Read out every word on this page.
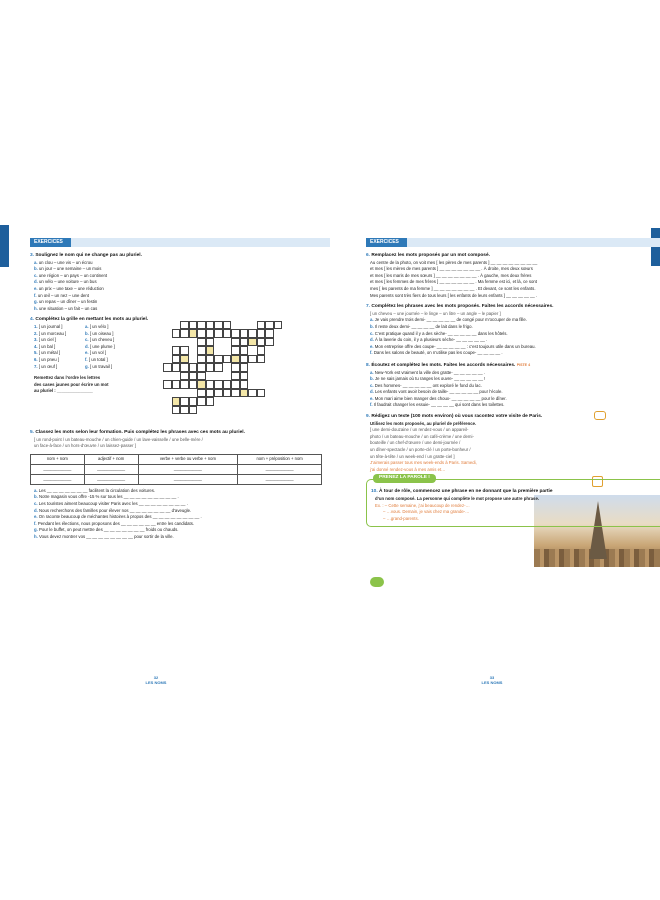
EXERCICES
3. Soulignez le nom qui ne change pas au pluriel.
a. un clou – une vis – un écrou
b. un jour – une semaine – un mois
c. une région – un pays – un continent
d. un vélo – une voiture – un bus
e. un prix – une taxe – une réduction
f. un œil – un nez – une dent
g. un repas – un dîner – un festin
h. une situation – un fait – un cas
4. Complétez la grille en mettant les mots au pluriel.
1. [ un journal ]
2. [ un morceau ]
3. [ un ciel ]
4. [ un bal ]
5. [ un métal ]
6. [ un pneu ]
7. [ un œuf ]
a. [ un vélo ]
b. [ un oiseau ]
c. [ un cheveu ]
d. [ une plume ]
e. [ un vol ]
f. [ un total ]
g. [ un travail ]
Remettez dans l’ordre les lettres
des cases jaunes pour écrire un mot
au pluriel : _______________
5. Classez les mots selon leur formation. Puis complétez les phrases avec ces mots au pluriel.
[ un rond-point / un bateau-mouche / un chien-guide / un lave-vaisselle / une belle-mère /
un face-à-face / un hors-d’œuvre / un laissez-passer ]
nom + nom	adjectif + nom	verbe + verbe ou verbe + nom	nom + préposition + nom
____________	____________	____________	____________
____________	____________	____________	____________
a. Les __ __ __ __ __ __ __ facilitent la circulation des voitures.
b. Notre magasin vous offre -15 % sur tous les __ __ __ __ __ __ __ __ __ .
c. Les touristes aiment beaucoup visiter Paris avec les __ __ __ __ __ __ __ __ .
d. Nous recherchons des familles pour élever nos __ __ __ __ __ __ __ d’aveugle.
e. On raconte beaucoup de méchantes histoires à propos des __ __ __ __ __ __ __ __ .
f. Pendant les élections, nous proposons des __ __ __ __ __ __ entre les candidats.
g. Pour le buffet, on peut mettre des __ __ __ __ __ __ __ froids ou chauds.
h. Vous devez montrer vos __ __ __ __ __ __ __ __ pour sortir de la ville.
32
LES NOMS
EXERCICES
6. Remplacez les mots proposés par un mot composé.
Au centre de la photo, on voit mes [ les pères de mes parents ] __ __ __ __ __ __ __ __
et mes [ les mères de mes parents ] __ __ __ __ __ __ __ . À droite, mes deux sœurs
et mes [ les maris de mes sœurs ] __ __ __ __ __ __ __ . À gauche, mes deux frères
et mes [ les femmes de mes frères ] __ __ __ __ __ __ . Ma femme est ici, et là, ce sont
mes [ les parents de ma femme ] __ __ __ __ __ __ __ . Et devant, ce sont les enfants.
Mes parents sont très fiers de tous leurs [ les enfants de leurs enfants ] __ __ __ __ __ .
7. Complétez les phrases avec les mots proposés. Faites les accords nécessaires.
[ un cheveu – une journée – le linge – un litre – un angle – le papier ]
a. Je vais prendre trois demi- __ __ __ __ __ de congé pour m’occuper de ma fille.
b. Il reste deux demi- __ __ __ __ de lait dans le frigo.
c. C’est pratique quand il y a des sèche- __ __ __ __ __ dans les hôtels.
d. À la laverie du coin, il y a plusieurs sèche- __ __ __ __ __ .
e. Mon entreprise offre des coupe- __ __ __ __ __ : c’est toujours utile dans un bureau.
f. Dans les salons de beauté, on n’utilise pas les coupe- __ __ __ __ .
8. Écoutez et complétez les mots. Faites les accords nécessaires. PISTE 4
a. New-York est vraiment la ville des gratte- __ __ __ __ __ .
b. Je ne sais jamais où tu ranges les ouvre- __ __ __ __ __ !
c. Des hommes- __ __ __ __ __ ont exploré le fond du lac.
d. Les enfants vont avoir besoin de taille- __ __ __ __ __ pour l’école.
e. Mon mari aime bien manger des choux- __ __ __ __ __ pour le dîner.
f. Il faudrait changer les essuie- __ __ __ __ qui sont dans les toilettes.
9. Rédigez un texte (100 mots environ) où vous racontez votre visite de Paris.
Utilisez les mots proposés, au pluriel de préférence.
[ une demi-douzaine / un rendez-vous / un appareil-
photo / un bateau-mouche / un café-crème / une demi-
bouteille / un chef-d’œuvre / une demi-journée /
un dîner-spectacle / un porte-clé / un porte-bonheur /
un tête-à-tête / un week-end / un gratte-ciel ]
J’aimerais passer tous mes week-ends à Paris. Samedi,
j’ai donné rendez-vous à mes amis et…
PRENEZ LA PAROLE !
10. À tour de rôle, commencez une phrase en ne donnant que la première partie
d’un nom composé. La personne qui complète le mot propose une autre phrase.
Ex. : – Cette semaine, j’ai beaucoup de rendez-…
– …vous. Demain, je vais chez ma grande-…
– …grand-parents.
33
LES NOMS
